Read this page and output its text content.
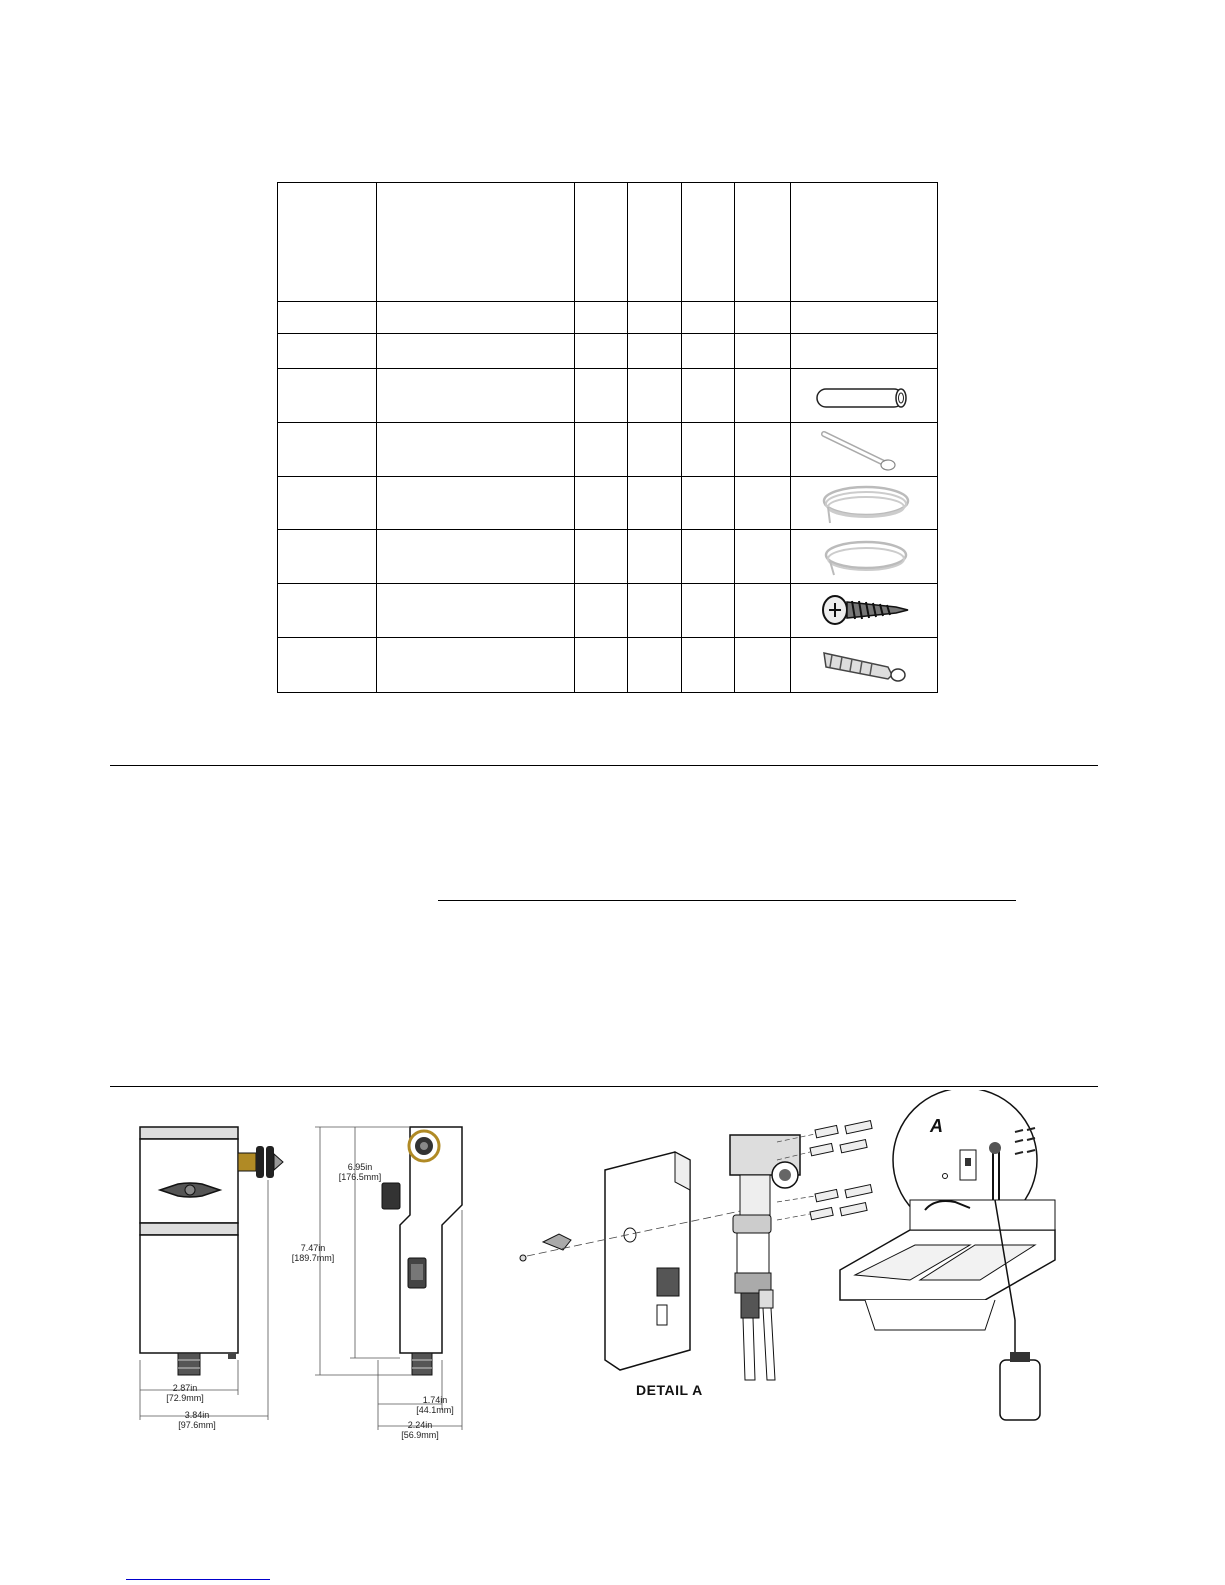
2.87in
[72.9mm]
3.84in
[97.6mm]
6.95in
[176.5mm]
7.47in
[189.7mm]
1.74in
[44.1mm]
2.24in
[56.9mm]
DETAIL A
A
